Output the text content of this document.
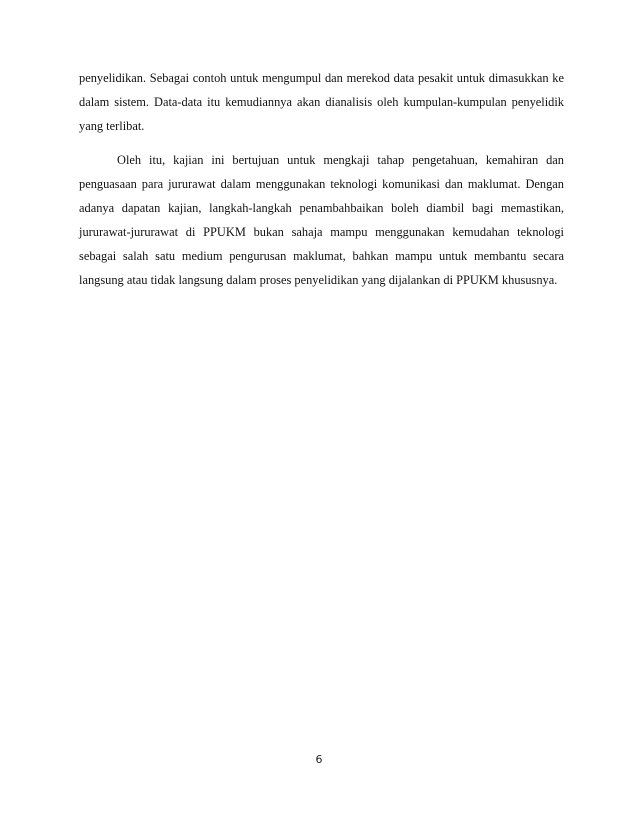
penyelidikan. Sebagai contoh untuk mengumpul dan merekod data pesakit untuk dimasukkan ke dalam sistem. Data-data itu kemudiannya akan dianalisis oleh kumpulan-kumpulan penyelidik yang terlibat.

Oleh itu, kajian ini bertujuan untuk mengkaji tahap pengetahuan, kemahiran dan penguasaan para jururawat dalam menggunakan teknologi komunikasi dan maklumat. Dengan adanya dapatan kajian, langkah-langkah penambahbaikan boleh diambil bagi memastikan, jururawat-jururawat di PPUKM bukan sahaja mampu menggunakan kemudahan teknologi sebagai salah satu medium pengurusan maklumat, bahkan mampu untuk membantu secara langsung atau tidak langsung dalam proses penyelidikan yang dijalankan di PPUKM khususnya.

6
